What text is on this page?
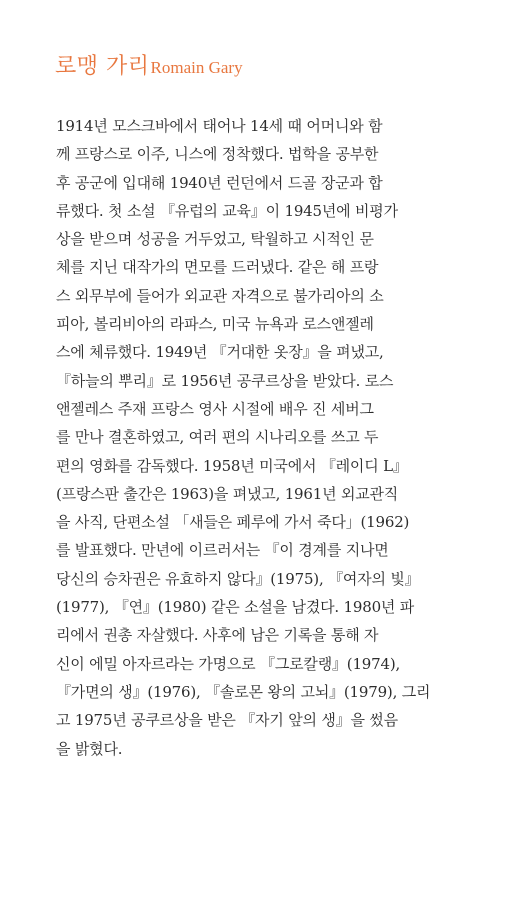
로맹 가리Romain Gary
1914년 모스크바에서 태어나 14세 때 어머니와 함
께 프랑스로 이주, 니스에 정착했다. 법학을 공부한
후 공군에 입대해 1940년 런던에서 드골 장군과 합
류했다. 첫 소설 『유럽의 교육』이 1945년에 비평가
상을 받으며 성공을 거두었고, 탁월하고 시적인 문
체를 지닌 대작가의 면모를 드러냈다. 같은 해 프랑
스 외무부에 들어가 외교관 자격으로 불가리아의 소
피아, 볼리비아의 라파스, 미국 뉴욕과 로스앤젤레
스에 체류했다. 1949년 『거대한 옷장』을 펴냈고,
『하늘의 뿌리』로 1956년 공쿠르상을 받았다. 로스
앤젤레스 주재 프랑스 영사 시절에 배우 진 세버그
를 만나 결혼하였고, 여러 편의 시나리오를 쓰고 두
편의 영화를 감독했다. 1958년 미국에서 『레이디 L』
(프랑스판 출간은 1963)을 펴냈고, 1961년 외교관직
을 사직, 단편소설 「새들은 페루에 가서 죽다」(1962)
를 발표했다. 만년에 이르러서는 『이 경계를 지나면
당신의 승차권은 유효하지 않다』(1975), 『여자의 빛』
(1977), 『연』(1980) 같은 소설을 남겼다. 1980년 파
리에서 권총 자살했다. 사후에 남은 기록을 통해 자
신이 에밀 아자르라는 가명으로 『그로칼랭』(1974),
『가면의 생』(1976), 『솔로몬 왕의 고뇌』(1979), 그리
고 1975년 공쿠르상을 받은 『자기 앞의 생』을 썼음
을 밝혔다.
